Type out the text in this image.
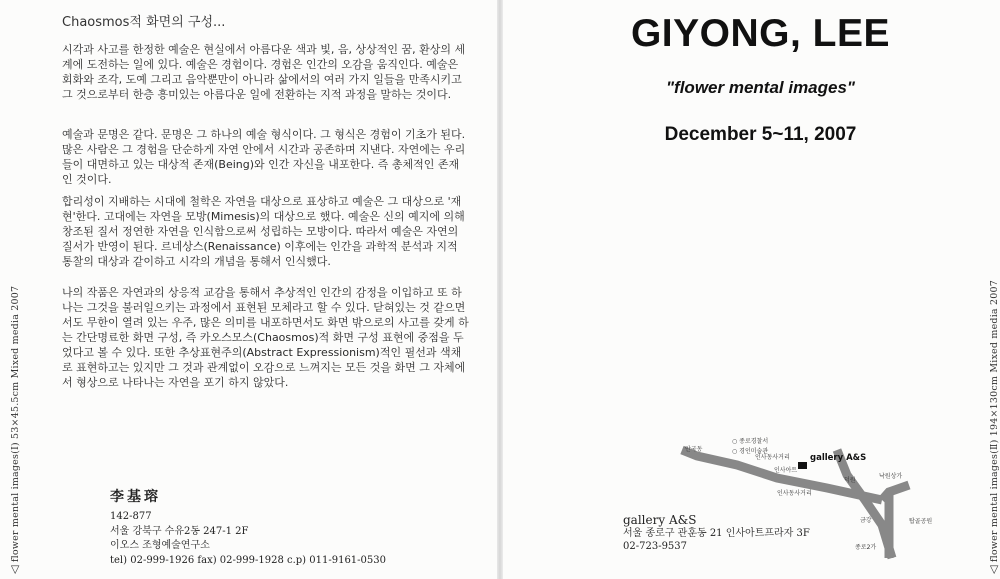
◁ flower mental images(Ⅰ) 53×45.5cm Mixed media 2007
Chaosmos적 화면의 구성...

시각과 사고를 한정한 예술은 현실에서 아름다운 색과 빛, 음, 상상적인 꿈, 환상의 세계에 도전하는 일에 있다. 예술은 경험이다. 경험은 인간의 오감을 움직인다. 예술은 회화와 조각, 도예 그리고 음악뿐만이 아니라 삶에서의 여러 가지 일들을 만족시키고 그 것으로부터 한층 흥미있는 아름다운 일에 전환하는 지적 과정을 말하는 것이다.

예술과 문명은 같다. 문명은 그 하나의 예술 형식이다. 그 형식은 경험이 기초가 된다. 많은 사람은 그 경험을 단순하게 자연 안에서 시간과 공존하며 지낸다. 자연에는 우리들이 대면하고 있는 대상적 존재(Being)와 인간 자신을 내포한다. 즉 총체적인 존재 인 것이다.

합리성이 지배하는 시대에 철학은 자연을 대상으로 표상하고 예술은 그 대상으로 '재현'한다. 고대에는 자연을 모방(Mimesis)의 대상으로 했다. 예술은 신의 예지에 의해 창조된 질서 정연한 자연을 인식함으로써 성립하는 모방이다. 따라서 예술은 자연의 질서가 반영이 된다. 르네상스(Renaissance) 이후에는 인간을 과학적 분석과 지적 통찰의 대상과 같이하고 시각의 개념을 통해서 인식했다.

나의 작품은 자연과의 상응적 교감을 통해서 추상적인 인간의 감정을 이입하고 또 하나는 그것을 불러일으키는 과정에서 표현된 모체라고 할 수 있다. 닫혀있는 것 같으면서도 무한이 열려 있는 우주, 많은 의미를 내포하면서도 화면 밖으로의 사고를 갖게 하는 간단명료한 화면 구성, 즉 카오스모스(Chaosmos)적 화면 구성 표현에 중점을 두었다고 볼 수 있다. 또한 추상표현주의(Abstract Expressionism)적인 필선과 색채로 표현하고는 있지만 그 것과 관계없이 오감으로 느껴지는 모든 것을 화면 그 자체에서 형상으로 나타나는 자연을 포기 하지 않았다.

李基瑢
142-877
서울 강북구 수유2동 247-1 2F
이오스 조형예술연구소
tel) 02-999-1926 fax) 02-999-1928 c.p) 011-9161-0530
◁ flower mental images(Ⅱ) 194×130cm Mixed media 2007
GIYONG, LEE
"flower mental images"
December 5~11, 2007
안국동
○ 종로경찰서
○ 경인미술관
인사동사거리
인사아트
gallery A&S
낙원상가
덕원
인사동사거리
탑골공원
금강
종로2가
gallery A&S
서울 종로구 관훈동 21 인사아트프라자 3F
02-723-9537
